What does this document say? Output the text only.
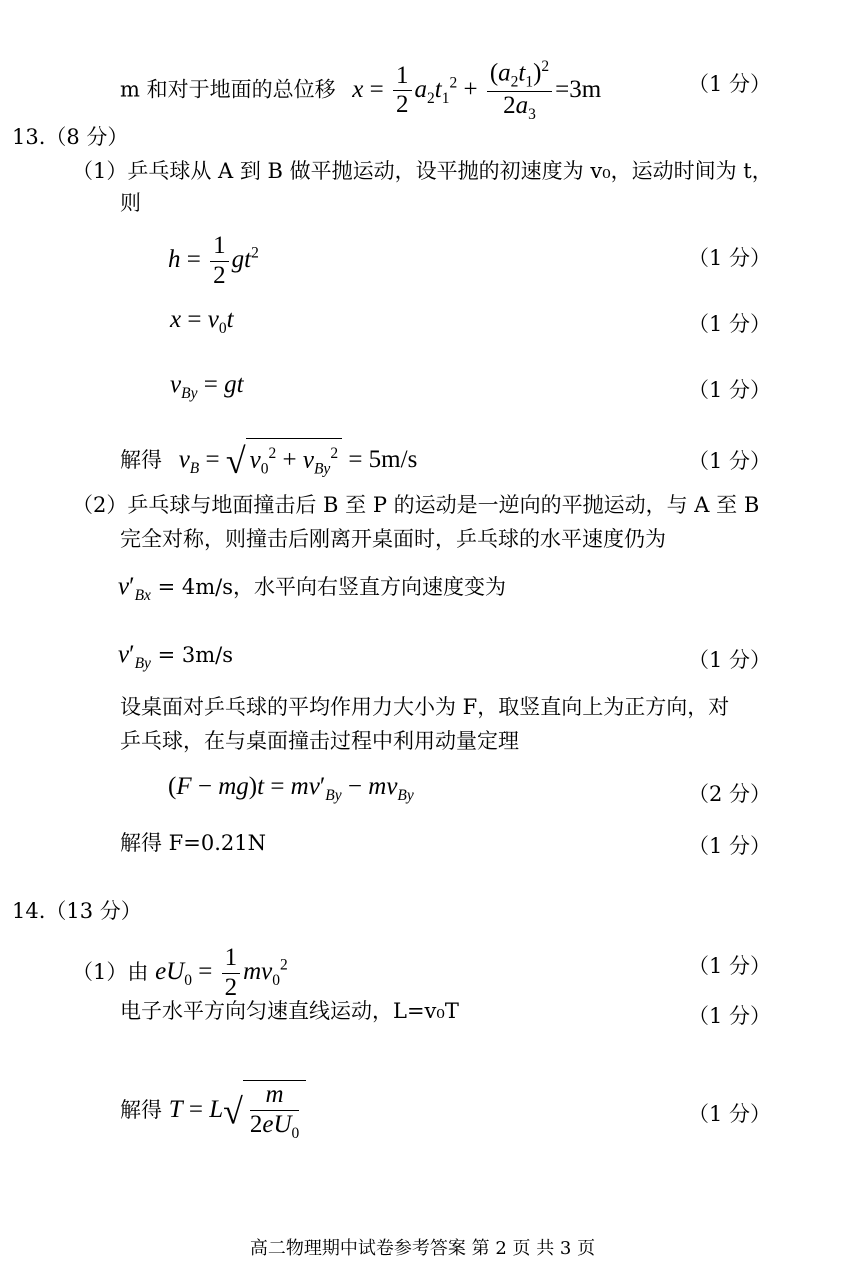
m 和对于地面的总位移 $x = \frac{1}{2} a_2t_1^2 + \frac{(a_2t_1)^2}{2a_3} =3m$	（1 分）
13.（8 分）
（1）乒乓球从 A 到 B 做平抛运动，设平抛的初速度为 v₀，运动时间为 t，
则
$h = \frac{1}{2} gt^2$	（1 分）
$x = v_0t$	（1 分）
$v_{By}$ = gt	（1 分）
解得 $v_B$ = √ $v_0^2 + v_{By}^2 = 5m/s$	（1 分）
（2）乒乓球与地面撞击后 B 至 P 的运动是一逆向的平抛运动，与 A 至 B
完全对称，则撞击后刚离开桌面时，乒乓球的水平速度仍为
$v'_{Bx} = 4m/s$，水平向右竖直方向速度变为
$v'_{By} = 3m/s$	（1 分）
设桌面对乒乓球的平均作用力大小为 F，取竖直向上为正方向，对
乒乓球，在与桌面撞击过程中利用动量定理
$(F - mg)t = mv'_{By} - mv_{By}$	（2 分）
解得 F=0.21N	（1 分）
14.（13 分）
（1）由 $eU_0 = \frac{1}{2} mv_0^2$	（1 分）
电子水平方向匀速直线运动，L=v₀T	（1 分）
解得 $T = L√ \frac{m}{2eU_0}$	（1 分）
高二物理期中试卷参考答案 第 2 页 共 3 页
